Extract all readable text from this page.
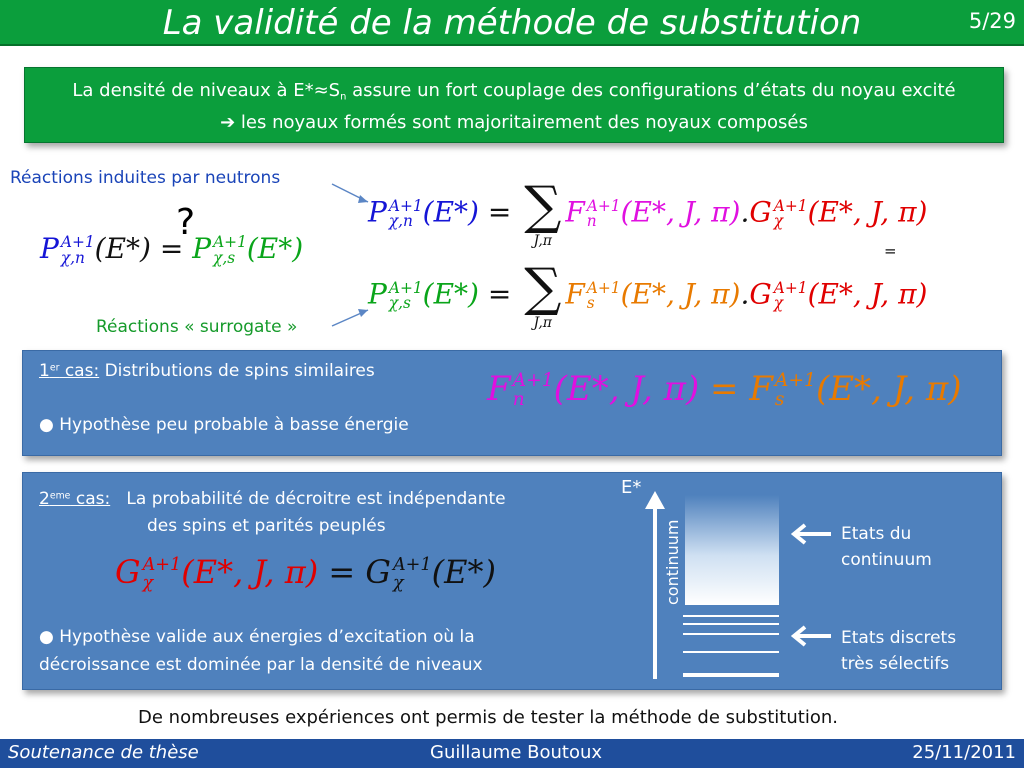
La validité de la méthode de substitution	5/29
La densité de niveaux à $E*\approx S_n$ assure un fort couplage des configurations d’états du noyau excité
➔ les noyaux formés sont majoritairement des noyaux composés
Réactions induites par neutrons
Réactions « surrogate »
?
P A+1
χ,n (E*) = P A+1
χ,s (E*)
P A+1
χ,n (E*) = ∑
J,π
F A+1
n (E*, J, π).G A+1
χ (E*, J, π)
=
P A+1
χ,s (E*) = ∑
J,π
F A+1
s (E*, J, π).G A+1
χ (E*, J, π)
1er cas: Distributions de spins similaires
● Hypothèse peu probable à basse énergie
F A+1
n (E*, J, π) = F A+1
s (E*, J, π)
2eme cas: La probabilité de décroitre est indépendante
des spins et parités peuplés
G A+1
χ (E*, J, π) = G A+1
χ (E*)
● Hypothèse valide aux énergies d’excitation où la
décroissance est dominée par la densité de niveaux
E*
continuum	Etats du
continuum
Etats discrets
très sélectifs
De nombreuses expériences ont permis de tester la méthode de substitution.
Soutenance de thèse	Guillaume Boutoux	25/11/2011
